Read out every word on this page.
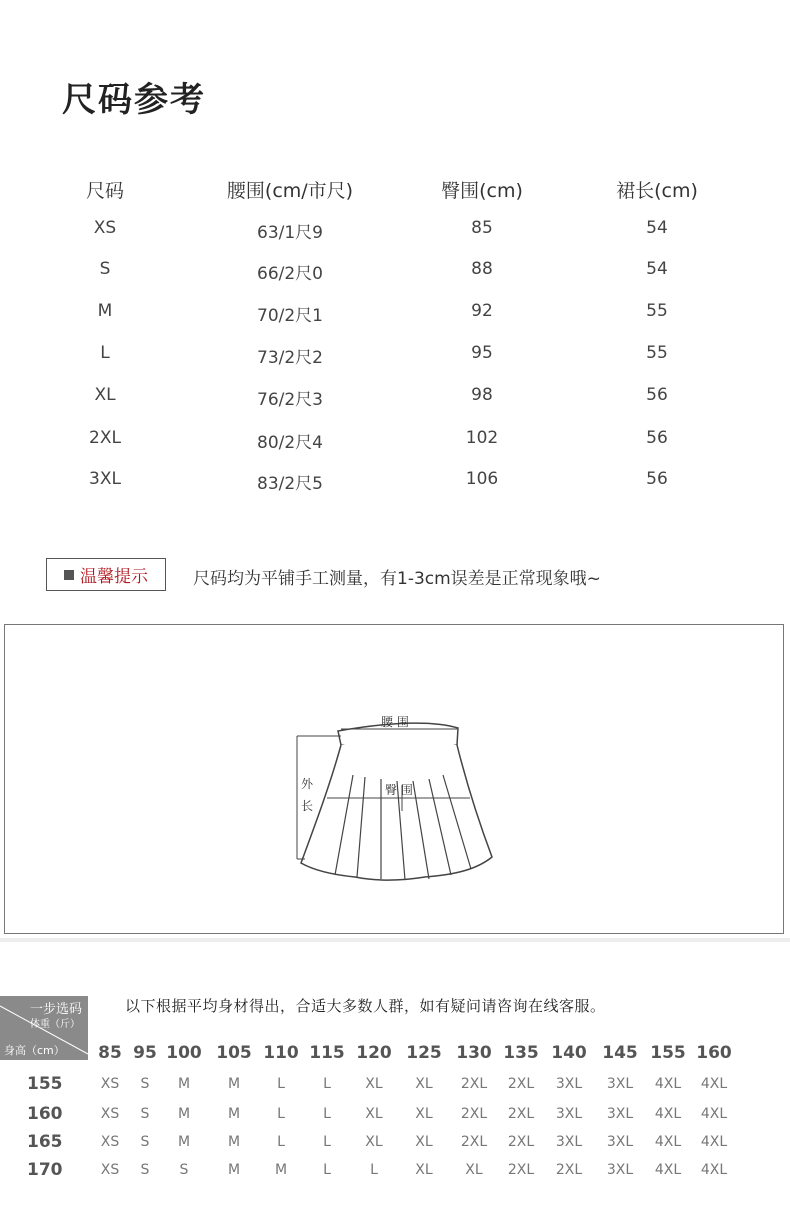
尺码参考
尺码	腰围(cm/市尺)	臀围(cm)	裙长(cm)
XS	63/1尺9	85	54
S	66/2尺0	88	54
M	70/2尺1	92	55
L	73/2尺2	95	55
XL	76/2尺3	98	56
2XL	80/2尺4	102	56
3XL	83/2尺5	106	56
温馨提示	尺码均为平铺手工测量，有1-3cm误差是正常现象哦~
腰 围
臀 围
外
长
以下根据平均身材得出，合适大多数人群，如有疑问请咨询在线客服。
一步选码
体重（斤）
身高（cm）	85 95 100 105 110 115 120 125 130 135 140 145 155 160
155	XS	S	M	M	L	L	XL	XL	2XL	2XL	3XL	3XL	4XL	4XL
160	XS	S	M	M	L	L	XL	XL	2XL	2XL	3XL	3XL	4XL	4XL
165	XS	S	M	M	L	L	XL	XL	2XL	2XL	3XL	3XL	4XL	4XL
170	XS	S	S	M	M	L	L	XL	XL	2XL	2XL	3XL	4XL	4XL
